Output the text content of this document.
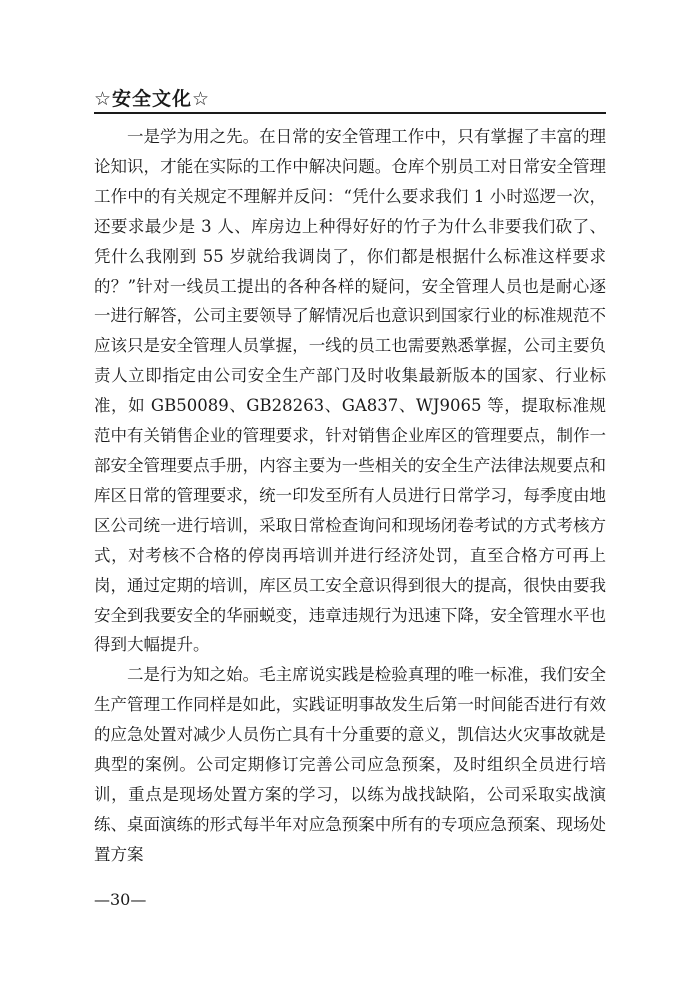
☆安全文化☆

一是学为用之先。在日常的安全管理工作中，只有掌握了丰富的理论知识，才能在实际的工作中解决问题。仓库个别员工对日常安全管理工作中的有关规定不理解并反问：“凭什么要求我们 1 小时巡逻一次，还要求最少是 3 人、库房边上种得好好的竹子为什么非要我们砍了、凭什么我刚到 55 岁就给我调岗了，你们都是根据什么标准这样要求的？”针对一线员工提出的各种各样的疑问，安全管理人员也是耐心逐一进行解答，公司主要领导了解情况后也意识到国家行业的标准规范不应该只是安全管理人员掌握，一线的员工也需要熟悉掌握，公司主要负责人立即指定由公司安全生产部门及时收集最新版本的国家、行业标准，如 GB50089、GB28263、GA837、WJ9065 等，提取标准规范中有关销售企业的管理要求，针对销售企业库区的管理要点，制作一部安全管理要点手册，内容主要为一些相关的安全生产法律法规要点和库区日常的管理要求，统一印发至所有人员进行日常学习，每季度由地区公司统一进行培训，采取日常检查询问和现场闭卷考试的方式考核方式，对考核不合格的停岗再培训并进行经济处罚，直至合格方可再上岗，通过定期的培训，库区员工安全意识得到很大的提高，很快由要我安全到我要安全的华丽蜕变，违章违规行为迅速下降，安全管理水平也得到大幅提升。

二是行为知之始。毛主席说实践是检验真理的唯一标准，我们安全生产管理工作同样是如此，实践证明事故发生后第一时间能否进行有效的应急处置对减少人员伤亡具有十分重要的意义，凯信达火灾事故就是典型的案例。公司定期修订完善公司应急预案，及时组织全员进行培训，重点是现场处置方案的学习，以练为战找缺陷，公司采取实战演练、桌面演练的形式每半年对应急预案中所有的专项应急预案、现场处置方案

—30—
